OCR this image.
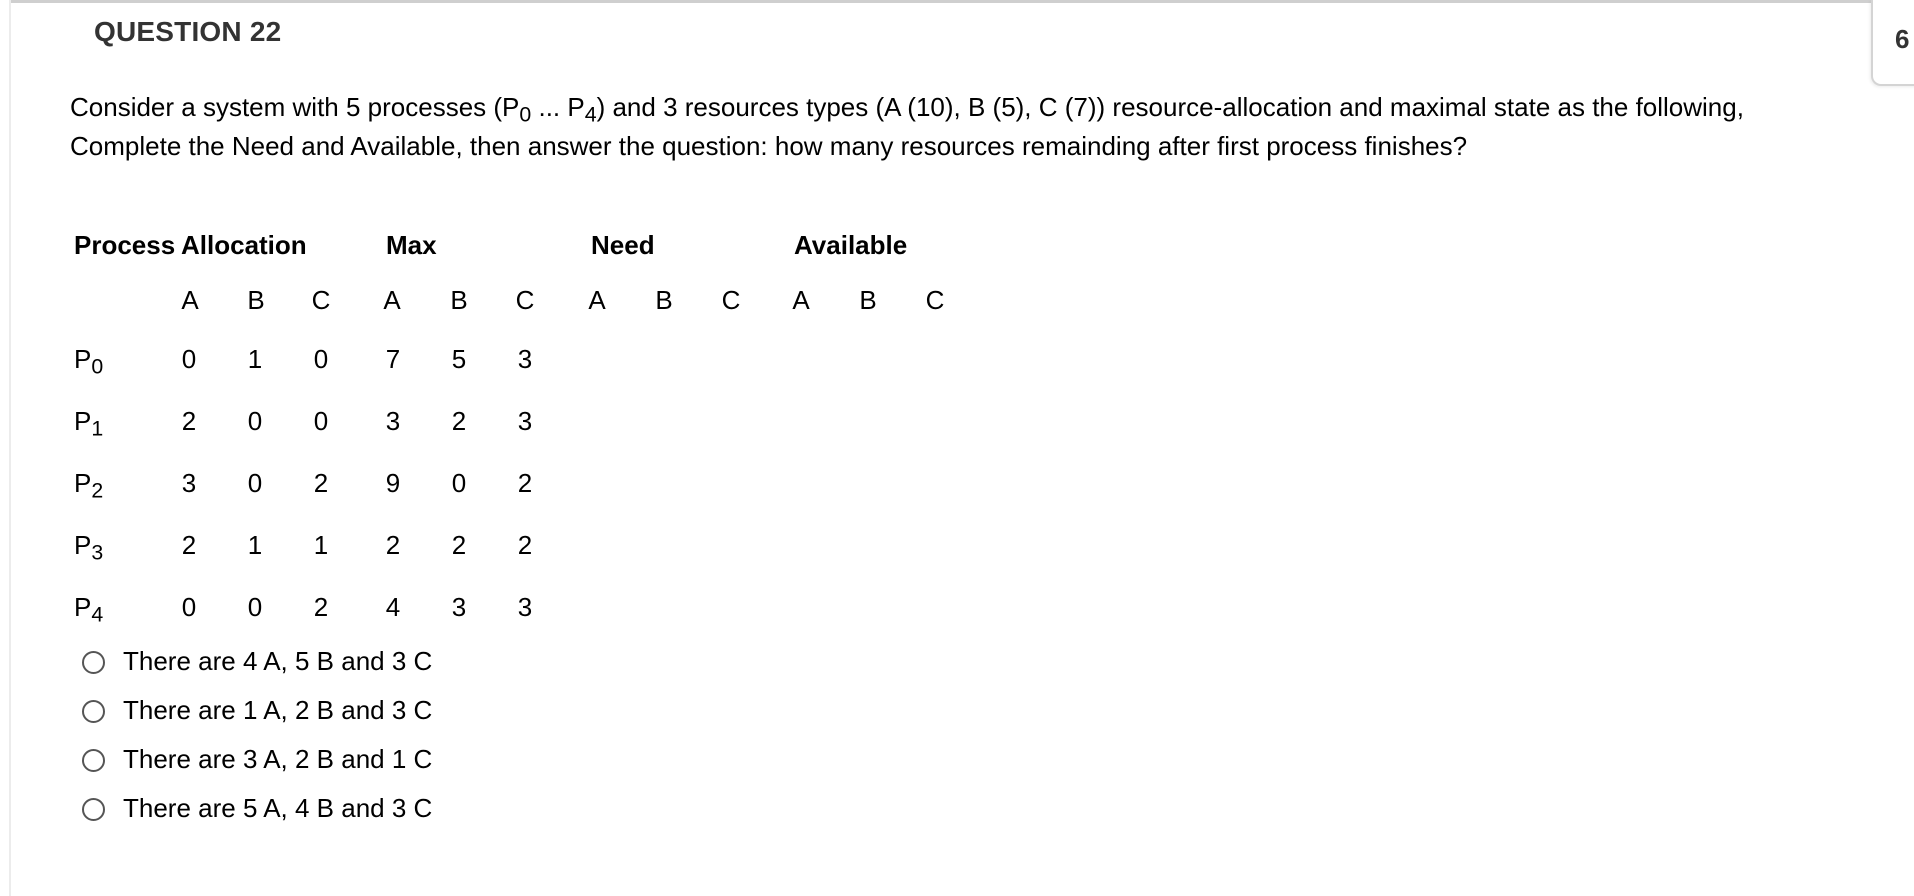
QUESTION 22	6
Consider a system with 5 processes ($P_0$ ... $P_4$) and 3 resources types (A (10), B (5), C (7)) resource-allocation and maximal state as the following, Complete the Need and Available, then answer the question: how many resources remainding after first process finishes?
Process Allocation	Max	Need	Available
A	B	C	A	B	C	A	B	C	A	B	C
$P_0$	0	1	0	7	5	3
$P_1$	2	0	0	3	2	3
$P_2$	3	0	2	9	0	2
$P_3$	2	1	1	2	2	2
$P_4$	0	0	2	4	3	3
There are 4 A, 5 B and 3 C
There are 1 A, 2 B and 3 C
There are 3 A, 2 B and 1 C
There are 5 A, 4 B and 3 C
